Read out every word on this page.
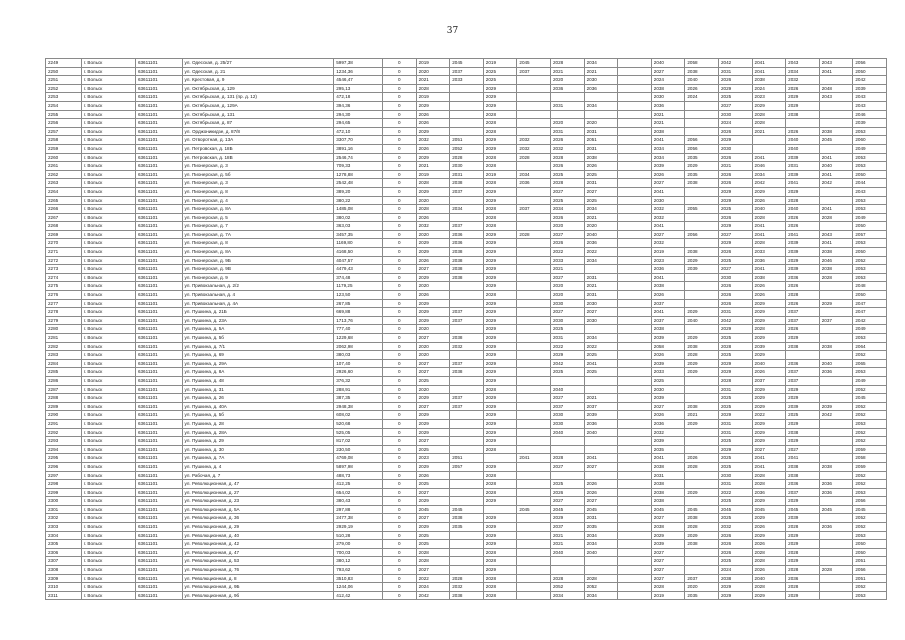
37
2249	г. Вольск	63611101	ул. Одесская, д. 25/27	5997,38	0	2019	2045	2019	2045	2028	2034		2040	2058	2042	2041	2043	2043	2056
2250	г. Вольск	63611101	ул. Одесская, д. 21	1234,36	0	2020	2037	2025	2037	2021	2021		2027	2038	2031	2041	2034	2041	2050
2251	г. Вольск	63611101	ул. Крестовая, д. 9	4546,47	0	2021	2033	2025		2020	2030		2024	2040	2026	2038	2032		2042
2252	г. Вольск	63611101	ул. Октябрьская, д. 129	295,13	0	2028		2029		2036	2036		2038	2026	2029	2024	2026	2048	2039
2253	г. Вольск	63611101	ул. Октябрьская, д. 131 (пр. д. 12)	472,18	0	2019		2029					2030	2024	2025	2023	2029	2043	2043
2254	г. Вольск	63611101	ул. Октябрьская, д. 129А	394,36	0	2029		2029		2031	2034		2036		2027	2029	2029		2043
2255	г. Вольск	63611101	ул. Октябрьская, д. 131	294,30	0	2026		2028					2021		2030	2028	2038		2046
2256	г. Вольск	63611101	ул. Октябрьская, д. 87	294,65	0	2026		2028		2020	2020		2021		2024	2028			2039
2257	г. Вольск	63611101	ул. Орджоникидзе, д. 87/8	472,10	0	2029		2028		2031	2031		2038		2026	2021	2026	2038	2053
2258	г. Вольск	63611101	ул. Отворотная, д. 13А	3307,70	0	2032	2051	2029	2032	2026	2051		2041	2056	2029		2040	2045	2060
2259	г. Вольск	63611101	ул. Петровская, д. 18Б	3891,16	0	2026	2052	2029	2032	2032	2031		2034	2056	2030		2040		2049
2260	г. Вольск	63611101	ул. Петровская, д. 18В	2546,74	0	2029	2028	2028	2028	2028	2038		2034	2035	2026	2041	2039	2041	2053
2261	г. Вольск	63611101	ул. Пионерская, д. 3	709,33	0	2021	2030	2028		2026	2026		2039	2029	2021	2046	2031	2040	2053
2262	г. Вольск	63611101	ул. Пионерская, д. 5б	1278,88	0	2019	2031	2019	2034	2025	2025		2026	2035	2026	2034	2039	2041	2050
2263	г. Вольск	63611101	ул. Пионерская, д. 3	2542,48	0	2028	2038	2028	2036	2028	2031		2027	2038	2026	2042	2041	2042	2044
2264	г. Вольск	63611101	ул. Пионерская, д. 8	389,20	0	2029	2037	2029		2027	2027		2041		2029	2029	2029		2043
2265	г. Вольск	63611101	ул. Пионерская, д. 4	380,22	0	2020		2029		2025	2025		2030		2029	2026	2028		2053
2266	г. Вольск	63611101	ул. Пионерская, д. 8А	1485,08	0	2028	2034	2028	2037	2034	2034		2032	2055	2025	2040	2040	2041	2053
2267	г. Вольск	63611101	ул. Пионерская, д. 5	380,02	0	2026		2028		2026	2021		2032		2026	2028	2026	2028	2049
2268	г. Вольск	63611101	ул. Пионерская, д. 7	363,03	0	2032	2037	2028		2020	2020		2041		2029	2041	2026		2050
2269	г. Вольск	63611101	ул. Пионерская, д. 7А	3457,35	0	2020	2036	2029	2028	2027	2040		2027	2056	2027	2041	2041	2043	2057
2270	г. Вольск	63611101	ул. Пионерская, д. 8	1169,80	0	2029	2036	2029		2026	2036		2032		2029	2028	2039	2041	2053
2271	г. Вольск	63611101	ул. Пионерская, д. 8А	4168,50	0	2029	2038	2029		2022	2022		2019	2038	2026	2033	2039	2038	2050
2272	г. Вольск	63611101	ул. Пионерская, д. 9Б	4047,57	0	2026	2038	2029		2033	2034		2023	2029	2025	2036	2029	2046	2052
2273	г. Вольск	63611101	ул. Пионерская, д. 9В	4479,43	0	2027	2038	2029		2021			2036	2039	2027	2041	2039	2038	2053
2274	г. Вольск	63611101	ул. Пионерская, д. 9	374,48	0	2029	2038	2029		2027	2031		2041		2030	2038	2036	2028	2053
2275	г. Вольск	63611101	ул. Привокзальная, д. 2/2	1179,25	0	2020		2029		2020	2021		2038		2026	2026	2026		2048
2276	г. Вольск	63611101	ул. Привокзальная, д. 4	123,50	0	2026		2028		2020	2031		2026		2026	2026	2028		2050
2277	г. Вольск	63611101	ул. Привокзальная, д. 4А	267,85	0	2029		2029		2030	2030		2037		2026	2029	2026	2029	2047
2278	г. Вольск	63611101	ул. Пушкина, д. 21Б	669,88	0	2029	2037	2029		2027	2027		2041	2029	2031	2029	2037		2047
2279	г. Вольск	63611101	ул. Пушкина, д. 23А	1713,76	0	2029	2037	2029		2030	2030		2037	2040	2042	2029	2037	2037	2042
2280	г. Вольск	63611101	ул. Пушкина, д. 5А	777,40	0	2020		2029		2025			2038		2029	2028	2026		2049
2281	г. Вольск	63611101	ул. Пушкина, д. 5б	1229,68	0	2027	2038	2029		2031	2034		2039	2029	2025	2029	2029		2053
2282	г. Вольск	63611101	ул. Пушкина, д. 7/1	2062,98	0	2020	2032	2029		2022	2022		2058	2038	2028	2039	2038	2038	2064
2283	г. Вольск	63611101	ул. Пушкина, д. 69	380,03	0	2020		2029		2029	2025		2026	2028	2025	2029			2052
2284	г. Вольск	63611101	ул. Пушкина, д. 29А	107,40	0	2027	2037	2029		2042	2041		2039	2029	2029	2040	2036	2040	2065
2285	г. Вольск	63611101	ул. Пушкина, д. 8А	2926,60	0	2027	2038	2029		2025	2025		2033	2029	2029	2026	2037	2036	2053
2286	г. Вольск	63611101	ул. Пушкина, д. 48	376,32	0	2025		2029					2025		2028	2037	2037		2049
2287	г. Вольск	63611101	ул. Пушкина, д. 31	288,91	0	2020		2028		2040			2030		2031	2029	2029		2052
2288	г. Вольск	63611101	ул. Пушкина, д. 26	387,35	0	2029	2037	2029		2027	2021		2039		2025	2029	2029		2045
2289	г. Вольск	63611101	ул. Пушкина, д. 40А	2948,38	0	2027	2037	2029		2037	2037		2027	2038	2025	2029	2039	2039	2052
2290	г. Вольск	63611101	ул. Пушкина, д. 5б	608,02	0	2029		2029		2030	2039		2026	2021	2029	2022	2025	2042	2052
2291	г. Вольск	63611101	ул. Пушкина, д. 28	520,68	0	2029		2029		2030	2036		2036	2029	2031	2029	2029		2053
2292	г. Вольск	63611101	ул. Пушкина, д. 28А	525,05	0	2029		2029		2040	2040		2032		2031	2029	2038		2052
2293	г. Вольск	63611101	ул. Пушкина, д. 29	817,02	0	2027		2029					2039		2025	2029	2029		2052
2294	г. Вольск	63611101	ул. Пушкина, д. 30	230,50	0	2025		2028					2035		2029	2027	2027		2059
2295	г. Вольск	63611101	ул. Пушкина, д. 7А	4769,08	0	2023	2051		2041	2028	2041		2041	2026	2025	2041	2041		2058
2296	г. Вольск	63611101	ул. Пушкина, д. 4	5897,98	0	2029	2057	2029		2027	2027		2038	2028	2025	2041	2038	2038	2059
2297	г. Вольск	63611101	ул. Рабочая, д. 7	488,73	0	2026		2028					2031		2030	2028	2038		2052
2298	г. Вольск	63611101	ул. Революционная, д. 47	412,25	0	2025		2028		2025	2026		2038		2031	2028	2036	2036	2052
2299	г. Вольск	63611101	ул. Революционная, д. 27	654,02	0	2027		2028		2026	2026		2038	2029	2022	2036	2037	2036	2053
2300	г. Вольск	63611101	ул. Революционная, д. 23	380,43	0	2029		2029		2027	2027		2038		2025	2029	2029		2056
2301	г. Вольск	63611101	ул. Революционная, д. 5А	297,88	0	2045	2045		2045	2045	2045		2045	2045	2045	2045	2045	2045	2045
2302	г. Вольск	63611101	ул. Революционная, д. 36	2477,38	0	2027	2038	2029		2029	2031		2027	2038	2025	2029	2039		2052
2303	г. Вольск	63611101	ул. Революционная, д. 29	2929,19	0	2029	2035	2029		2037	2035		2038	2028	2032	2026	2028	2036	2052
2304	г. Вольск	63611101	ул. Революционная, д. 40	510,28	0	2025		2029		2021	2034		2029	2029	2026	2029	2029		2053
2305	г. Вольск	63611101	ул. Революционная, д. 42	279,00	0	2025		2029		2021	2034		2039	2038	2026	2026	2029		2050
2306	г. Вольск	63611101	ул. Революционная, д. 47	700,03	0	2028		2028		2040	2040		2027		2026	2028	2028		2050
2307	г. Вольск	63611101	ул. Революционная, д. 53	380,12	0	2028		2028					2027		2025	2028	2029		2051
2308	г. Вольск	63611101	ул. Революционная, д. 76	793,62	0	2027		2029					2027		2024	2026	2028	2028	2056
2309	г. Вольск	63611101	ул. Революционная, д. 8	3510,83	0	2022	2028	2028		2028	2028		2027	2037	2038	2040	2036		2051
2310	г. Вольск	63611101	ул. Революционная, д. 9Б	1244,06	0	2024	2032	2028		2052	2052		2028	2020	2029	2028	2028		2052
2311	г. Вольск	63611101	ул. Революционная, д. 9б	412,42	0	2042	2038	2028		2034	2034		2019	2035	2029	2029	2029		2053
